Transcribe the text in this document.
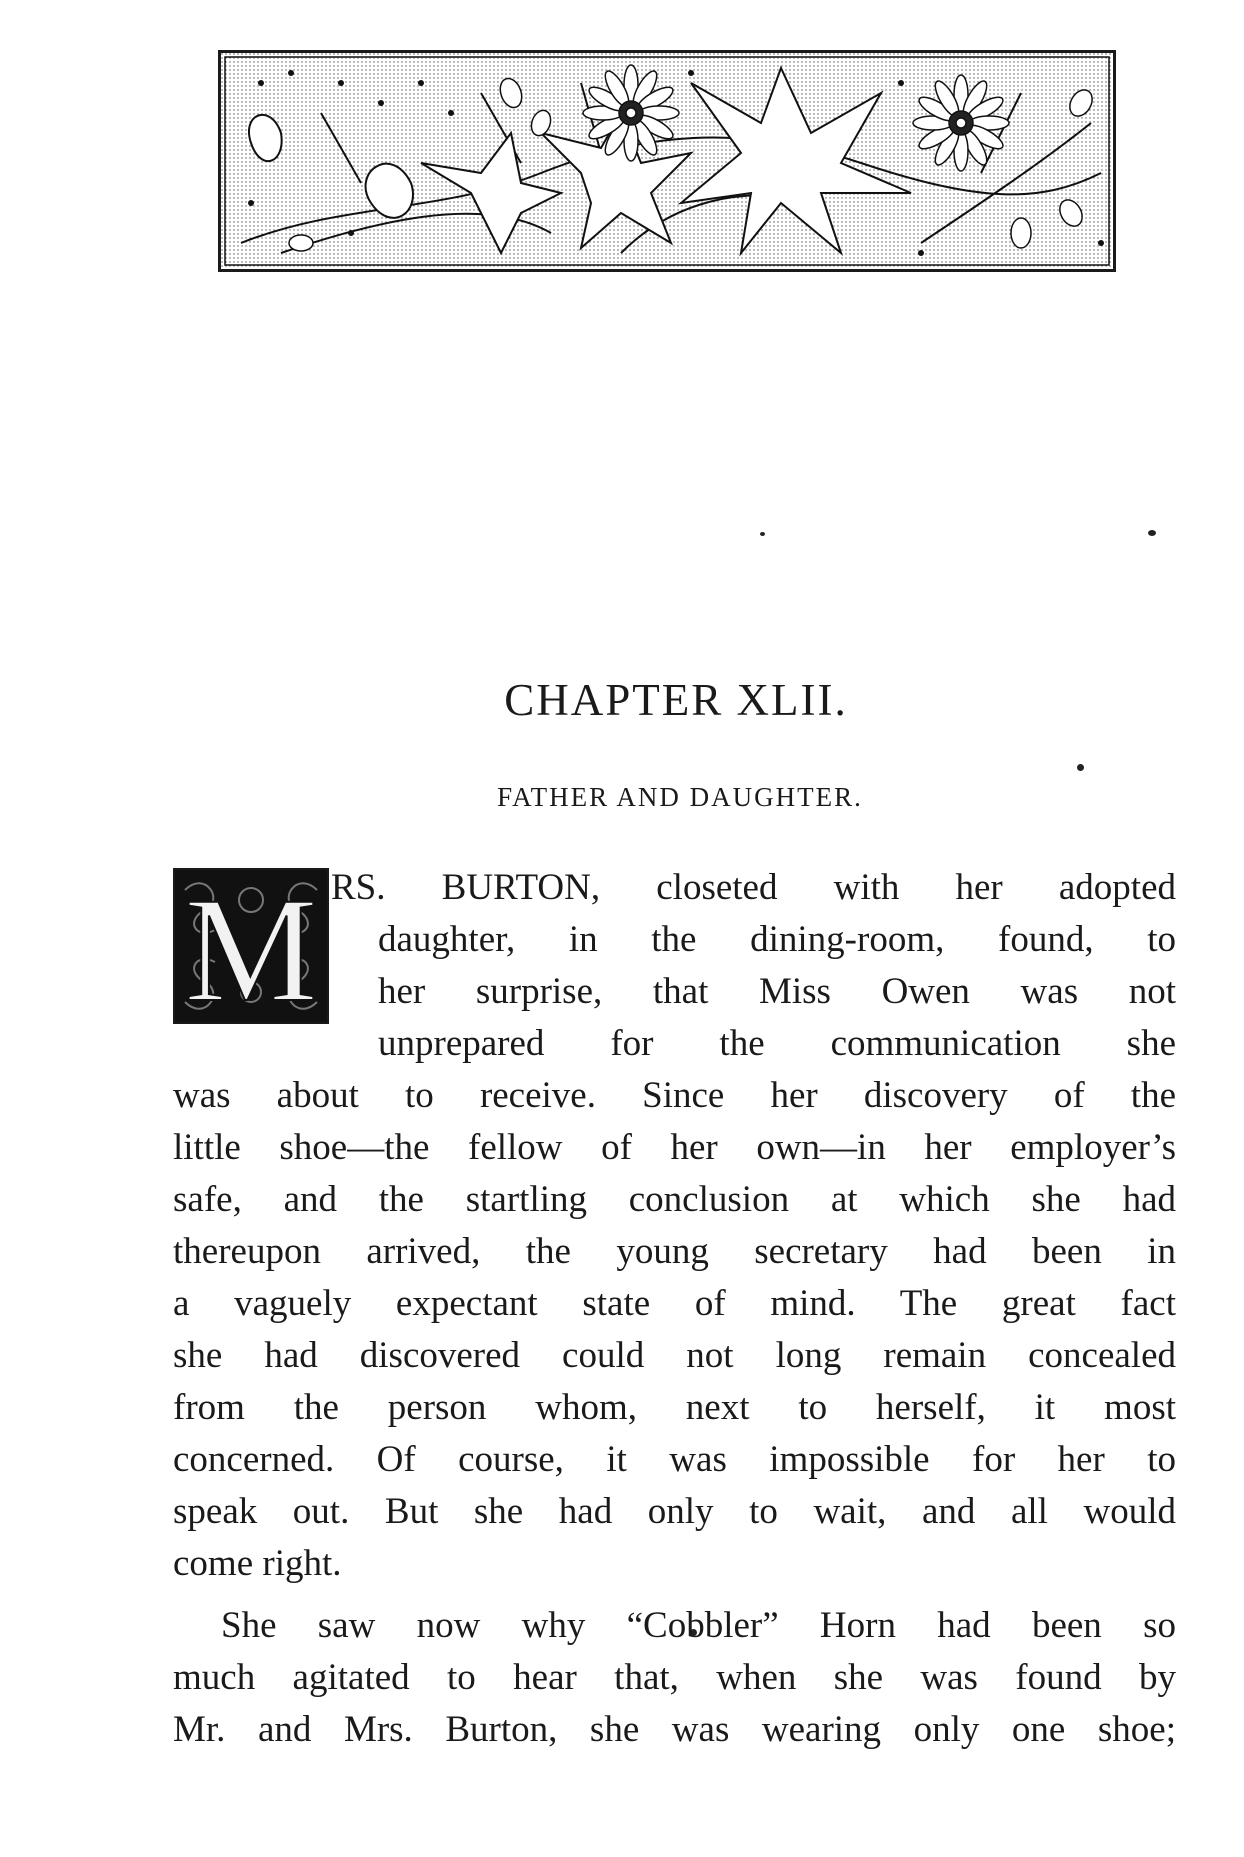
CHAPTER XLII.
FATHER AND DAUGHTER.
M RS. BURTON, closeted with her adopted
daughter, in the dining-room, found, to
her surprise, that Miss Owen was not
unprepared for the communication she
was about to receive. Since her discovery of the
little shoe—the fellow of her own—in her employer’s
safe, and the startling conclusion at which she had
thereupon arrived, the young secretary had been in
a vaguely expectant state of mind. The great fact
she had discovered could not long remain concealed
from the person whom, next to herself, it most
concerned. Of course, it was impossible for her to
speak out. But she had only to wait, and all would
come right.
She saw now why “Cobbler” Horn had been so
much agitated to hear that, when she was found by
Mr. and Mrs. Burton, she was wearing only one shoe;
